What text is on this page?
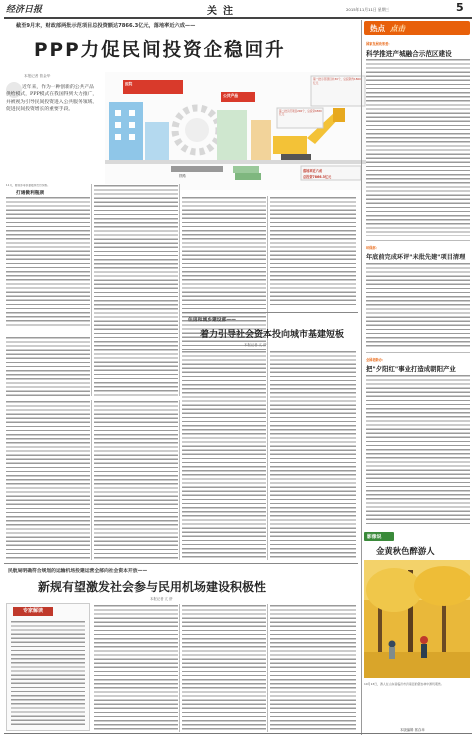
经济日报	关注	2015年11月11日 星期三	5
截至9月末，财政部两批示范项目总投资额达7866.3亿元，落地率近六成——
PPP力促民间投资企稳回升
本报记者 曾金华
近年来，作为一种创新的公共产品供给模式，PPP模式在我国得到大力推广，并被视为引导民间投资进入公共服务领域、促进民间投资增长的重要手段。
医院
公共产品
铁路
第一批示范项目共30个，总投资约1800亿元
第二批示范项目206个，总投资6589亿元
落地率近六成
总投资7866.3亿元
11月，财政部等部委陆续出台实施。
打通微利瓶颈
住房和城乡建设部——
着力引导社会资本投向城市基建短板
本报记者 亢 舒
民航局明确符合规划的运输机场投建运营全部向社会资本开放——
新规有望激发社会参与民用机场建设积极性
本报记者 亢 舒
专家解读
热点 点击
国家发展改革委：
科学推进产城融合示范区建设
环保部：
年底前完成环评"未批先建"项目清理
全国老龄办：
把"夕阳红"事业打造成朝阳产业
影像说
金黄秋色醉游人
10月13日，游人在山东省临沂市沂南县的银杏林中游玩观赏。
本版编辑 郭存举
